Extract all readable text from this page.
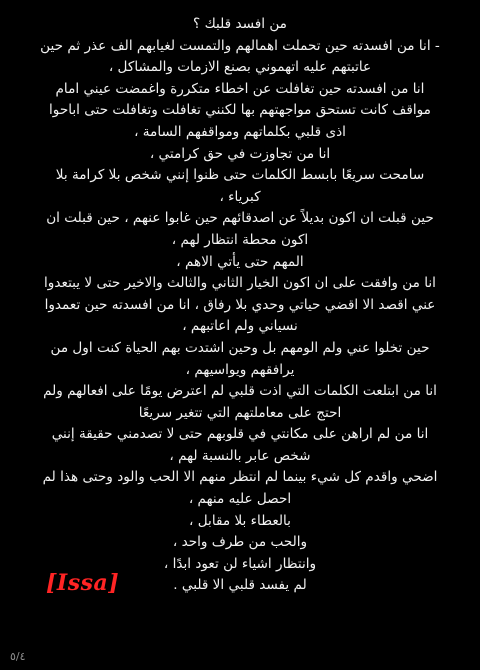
من افسد قلبك ؟
- انا من افسدته حين تحملت اهمالهم والتمست لغيابهم الف عذر ثم حين
عاتبتهم عليه اتهموني بصنع الازمات والمشاكل ،
انا من افسدته حين تغافلت عن اخطاء متكررة واغمضت عيني امام
مواقف كانت تستحق مواجهتهم بها لكنني تغافلت وتغافلت حتى اباحوا
اذى قلبي بكلماتهم ومواقفهم السامة ،
انا من تجاوزت في حق كرامتي ،
سامحت سريعًا بابسط الكلمات حتى ظنوا إنني شخص بلا كرامة بلا
كبرياء ،
حين قبلت ان اكون بديلاً عن اصدقائهم حين غابوا عنهم ، حين قبلت ان
اكون محطة انتظار لهم ،
المهم حتى يأتي الاهم ،
انا من وافقت على ان اكون الخيار الثاني والثالث والاخير حتى لا يبتعدوا
عني اقصد الا اقضي حياتي وحدي بلا رفاق ، انا من افسدته حين تعمدوا
نسياني ولم اعاتبهم ،
حين تخلوا عني ولم الومهم بل وحين اشتدت بهم الحياة كنت اول من
يرافقهم ويواسيهم ،
انا من ابتلعت الكلمات التي اذت قلبي لم اعترض يومًا على افعالهم ولم
احتج على معاملتهم التي تتغير سريعًا
انا من لم اراهن على مكانتي في قلوبهم حتى لا تصدمني حقيقة إنني
شخص عابر بالنسبة لهم ،
اضحي واقدم كل شيء بينما لم انتظر منهم الا الحب والود وحتى هذا لم
احصل عليه منهم ،
بالعطاء بلا مقابل ،
والحب من طرف واحد ،
وانتظار اشياء لن تعود ابدًا ،
لم يفسد قلبي الا قلبي .
[Issa]
٥/٤
